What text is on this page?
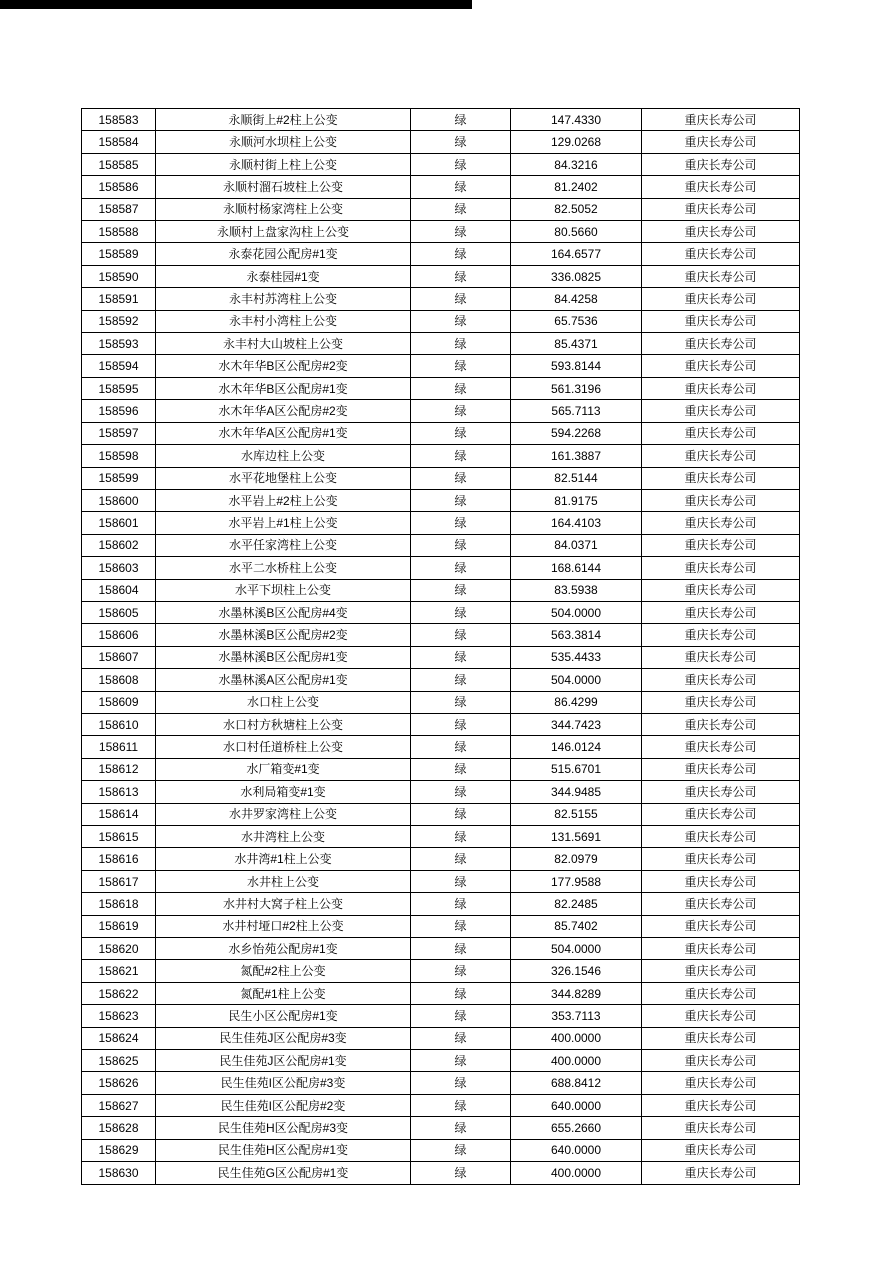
158583	永顺街上#2柱上公变	绿	147.4330	重庆长寿公司
158584	永顺河水坝柱上公变	绿	129.0268	重庆长寿公司
158585	永顺村街上柱上公变	绿	84.3216	重庆长寿公司
158586	永顺村溜石坡柱上公变	绿	81.2402	重庆长寿公司
158587	永顺村杨家湾柱上公变	绿	82.5052	重庆长寿公司
158588	永顺村上盘家沟柱上公变	绿	80.5660	重庆长寿公司
158589	永泰花园公配房#1变	绿	164.6577	重庆长寿公司
158590	永泰桂园#1变	绿	336.0825	重庆长寿公司
158591	永丰村苏湾柱上公变	绿	84.4258	重庆长寿公司
158592	永丰村小湾柱上公变	绿	65.7536	重庆长寿公司
158593	永丰村大山坡柱上公变	绿	85.4371	重庆长寿公司
158594	水木年华B区公配房#2变	绿	593.8144	重庆长寿公司
158595	水木年华B区公配房#1变	绿	561.3196	重庆长寿公司
158596	水木年华A区公配房#2变	绿	565.7113	重庆长寿公司
158597	水木年华A区公配房#1变	绿	594.2268	重庆长寿公司
158598	水库边柱上公变	绿	161.3887	重庆长寿公司
158599	水平花地堡柱上公变	绿	82.5144	重庆长寿公司
158600	水平岩上#2柱上公变	绿	81.9175	重庆长寿公司
158601	水平岩上#1柱上公变	绿	164.4103	重庆长寿公司
158602	水平任家湾柱上公变	绿	84.0371	重庆长寿公司
158603	水平二水桥柱上公变	绿	168.6144	重庆长寿公司
158604	水平下坝柱上公变	绿	83.5938	重庆长寿公司
158605	水墨林溪B区公配房#4变	绿	504.0000	重庆长寿公司
158606	水墨林溪B区公配房#2变	绿	563.3814	重庆长寿公司
158607	水墨林溪B区公配房#1变	绿	535.4433	重庆长寿公司
158608	水墨林溪A区公配房#1变	绿	504.0000	重庆长寿公司
158609	水口柱上公变	绿	86.4299	重庆长寿公司
158610	水口村方秋塘柱上公变	绿	344.7423	重庆长寿公司
158611	水口村任道桥柱上公变	绿	146.0124	重庆长寿公司
158612	水厂箱变#1变	绿	515.6701	重庆长寿公司
158613	水利局箱变#1变	绿	344.9485	重庆长寿公司
158614	水井罗家湾柱上公变	绿	82.5155	重庆长寿公司
158615	水井湾柱上公变	绿	131.5691	重庆长寿公司
158616	水井湾#1柱上公变	绿	82.0979	重庆长寿公司
158617	水井柱上公变	绿	177.9588	重庆长寿公司
158618	水井村大窝子柱上公变	绿	82.2485	重庆长寿公司
158619	水井村垭口#2柱上公变	绿	85.7402	重庆长寿公司
158620	水乡怡苑公配房#1变	绿	504.0000	重庆长寿公司
158621	氮配#2柱上公变	绿	326.1546	重庆长寿公司
158622	氮配#1柱上公变	绿	344.8289	重庆长寿公司
158623	民生小区公配房#1变	绿	353.7113	重庆长寿公司
158624	民生佳苑J区公配房#3变	绿	400.0000	重庆长寿公司
158625	民生佳苑J区公配房#1变	绿	400.0000	重庆长寿公司
158626	民生佳苑I区公配房#3变	绿	688.8412	重庆长寿公司
158627	民生佳苑I区公配房#2变	绿	640.0000	重庆长寿公司
158628	民生佳苑H区公配房#3变	绿	655.2660	重庆长寿公司
158629	民生佳苑H区公配房#1变	绿	640.0000	重庆长寿公司
158630	民生佳苑G区公配房#1变	绿	400.0000	重庆长寿公司
